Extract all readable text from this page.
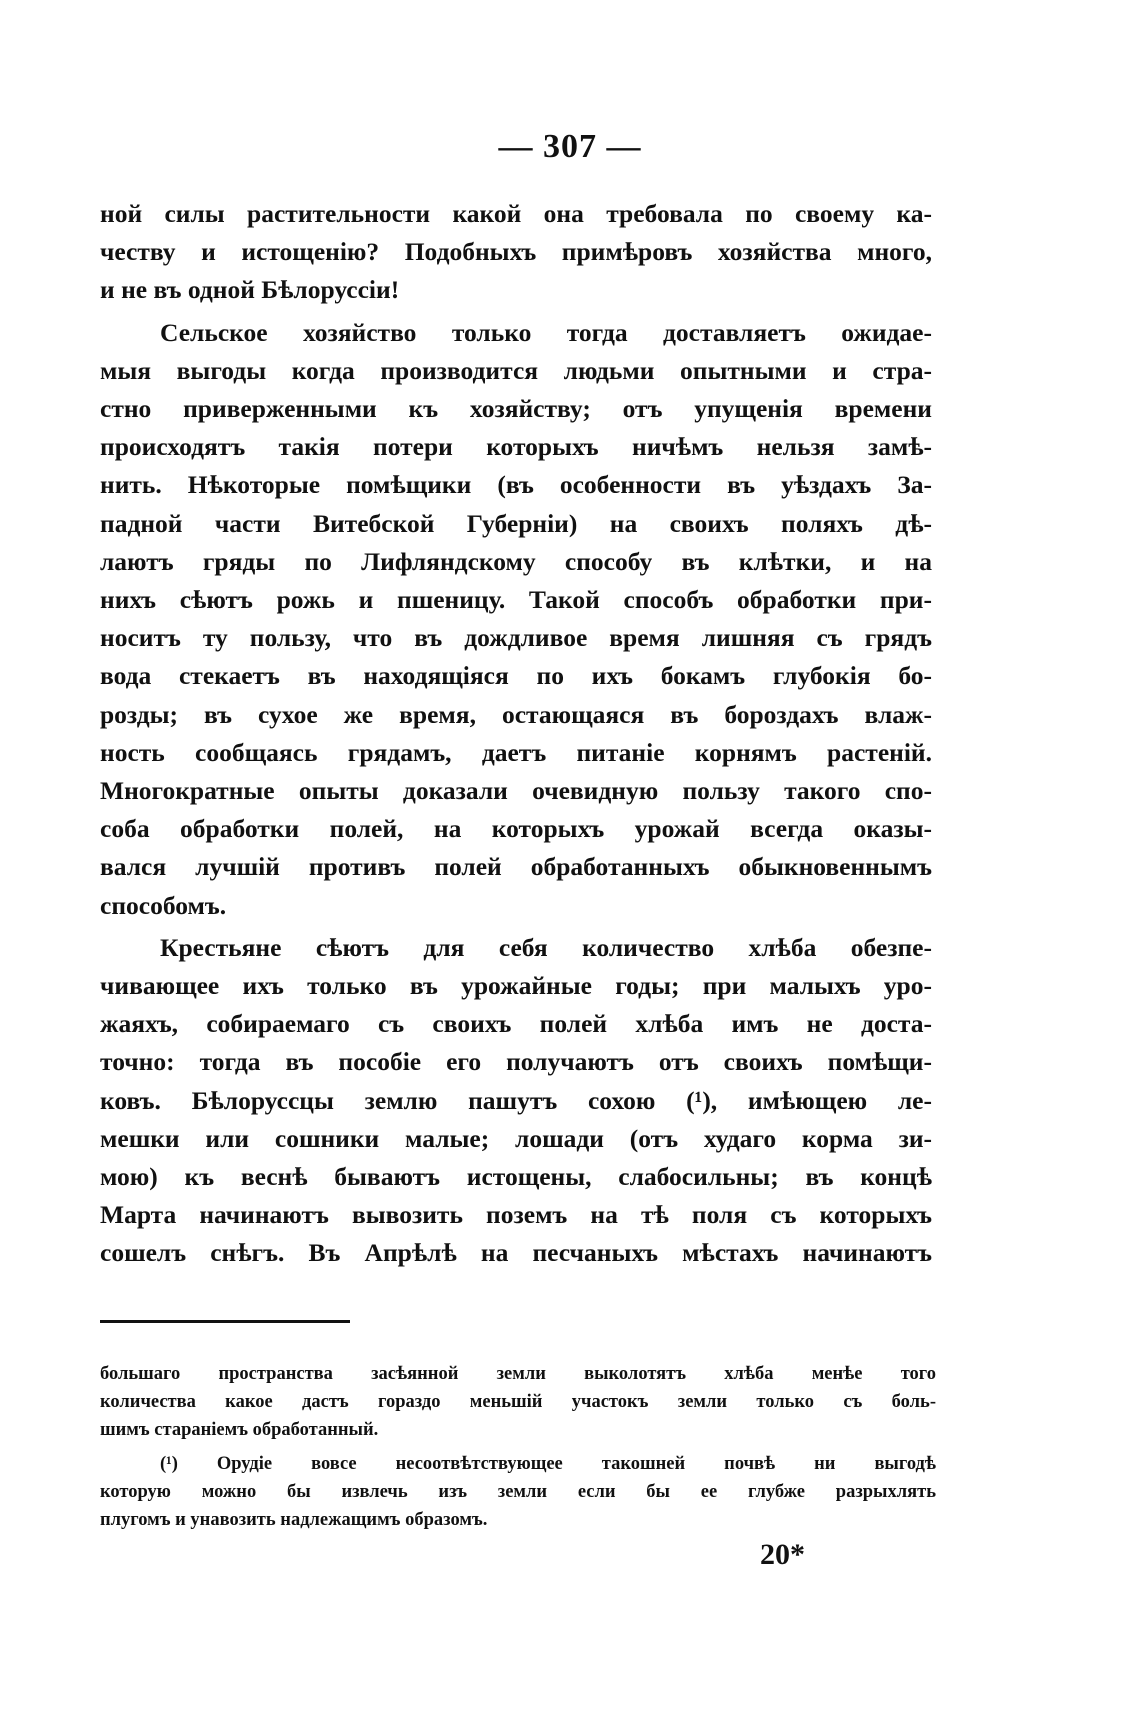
— 307 —
ной силы растительности какой она требовала по своему ка-
честву и истощенію? Подобныхъ примѣровъ хозяйства много,
и не въ одной Бѣлоруссіи!
Сельское хозяйство только тогда доставляетъ ожидае-
мыя выгоды когда производится людьми опытными и стра-
стно приверженными къ хозяйству; отъ упущенія времени
происходятъ такія потери которыхъ ничѣмъ нельзя замѣ-
нить. Нѣкоторые помѣщики (въ особенности въ уѣздахъ За-
падной части Витебской Губерніи) на своихъ поляхъ дѣ-
лаютъ гряды по Лифляндскому способу въ клѣтки, и на
нихъ сѣютъ рожь и пшеницу. Такой способъ обработки при-
носитъ ту пользу, что въ дождливое время лишняя съ грядъ
вода стекаетъ въ находящіяся по ихъ бокамъ глубокія бо-
розды; въ сухое же время, остающаяся въ бороздахъ влаж-
ность сообщаясь грядамъ, даетъ питаніе корнямъ растеній.
Многократные опыты доказали очевидную пользу такого спо-
соба обработки полей, на которыхъ урожай всегда оказы-
вался лучшій противъ полей обработанныхъ обыкновеннымъ
способомъ.
Крестьяне сѣютъ для себя количество хлѣба обезпе-
чивающее ихъ только въ урожайные годы; при малыхъ уро-
жаяхъ, собираемаго съ своихъ полей хлѣба имъ не доста-
точно: тогда въ пособіе его получаютъ отъ своихъ помѣщи-
ковъ. Бѣлоруссцы землю пашутъ сохою (¹), имѣющею ле-
мешки или сошники малые; лошади (отъ худаго корма зи-
мою) къ веснѣ бываютъ истощены, слабосильны; въ концѣ
Марта начинаютъ вывозить поземъ на тѣ поля съ которыхъ
сошелъ снѣгъ. Въ Апрѣлѣ на песчаныхъ мѣстахъ начинаютъ
большаго пространства засѣянной земли выколотятъ хлѣба менѣе того
количества какое дастъ гораздо меньшій участокъ земли только съ боль-
шимъ стараніемъ обработанный.
(¹) Орудіе вовсе несоотвѣтствующее такошней почвѣ ни выгодѣ
которую можно бы извлечь изъ земли если бы ее глубже разрыхлять
плугомъ и унавозить надлежащимъ образомъ.
20*
